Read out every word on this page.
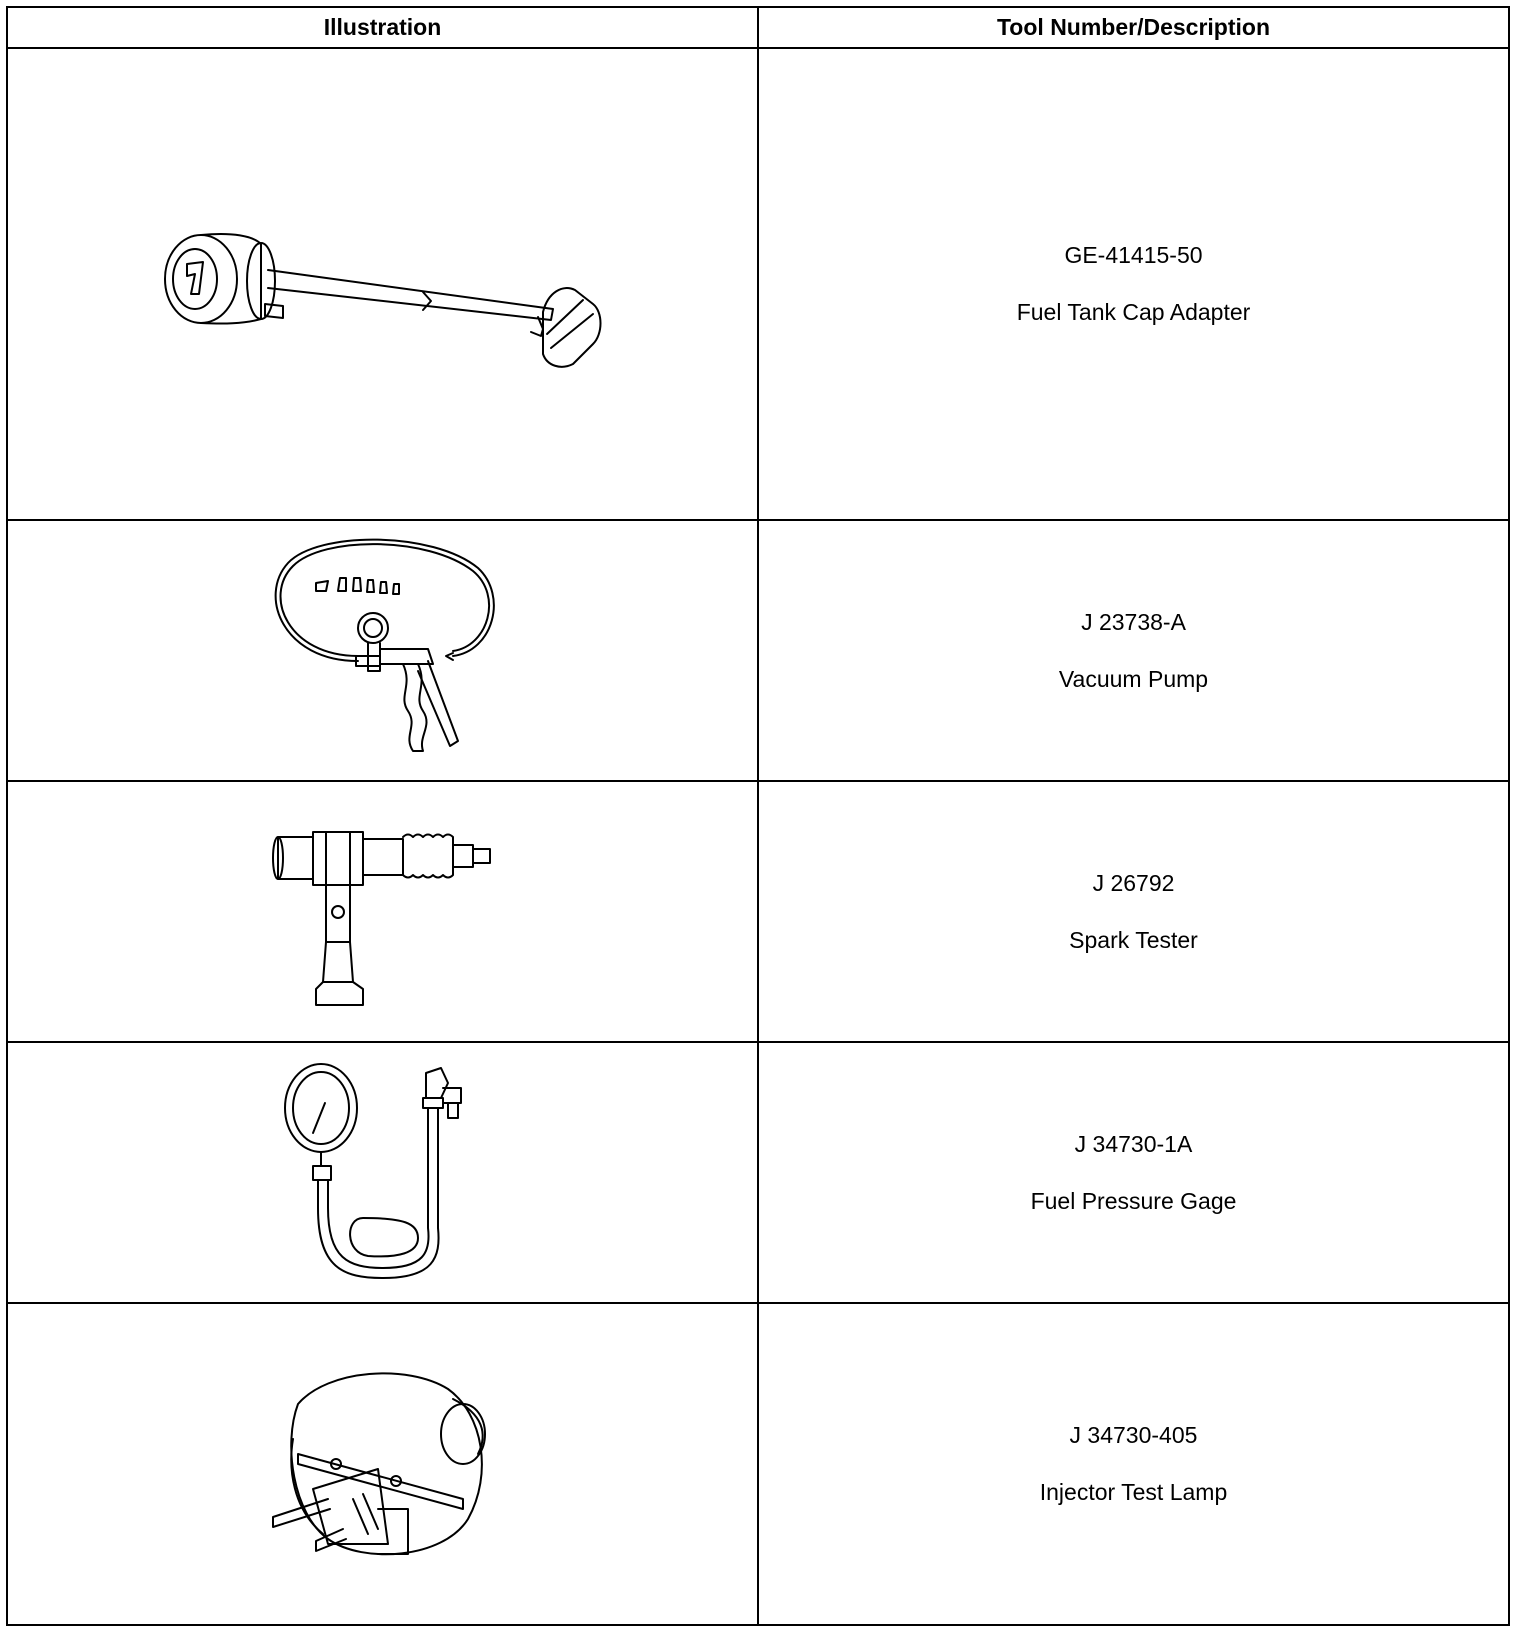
Illustration	Tool Number/Description

GE-41415-50
Fuel Tank Cap Adapter

J 23738-A
Vacuum Pump

J 26792
Spark Tester

J 34730-1A
Fuel Pressure Gage

J 34730-405
Injector Test Lamp
